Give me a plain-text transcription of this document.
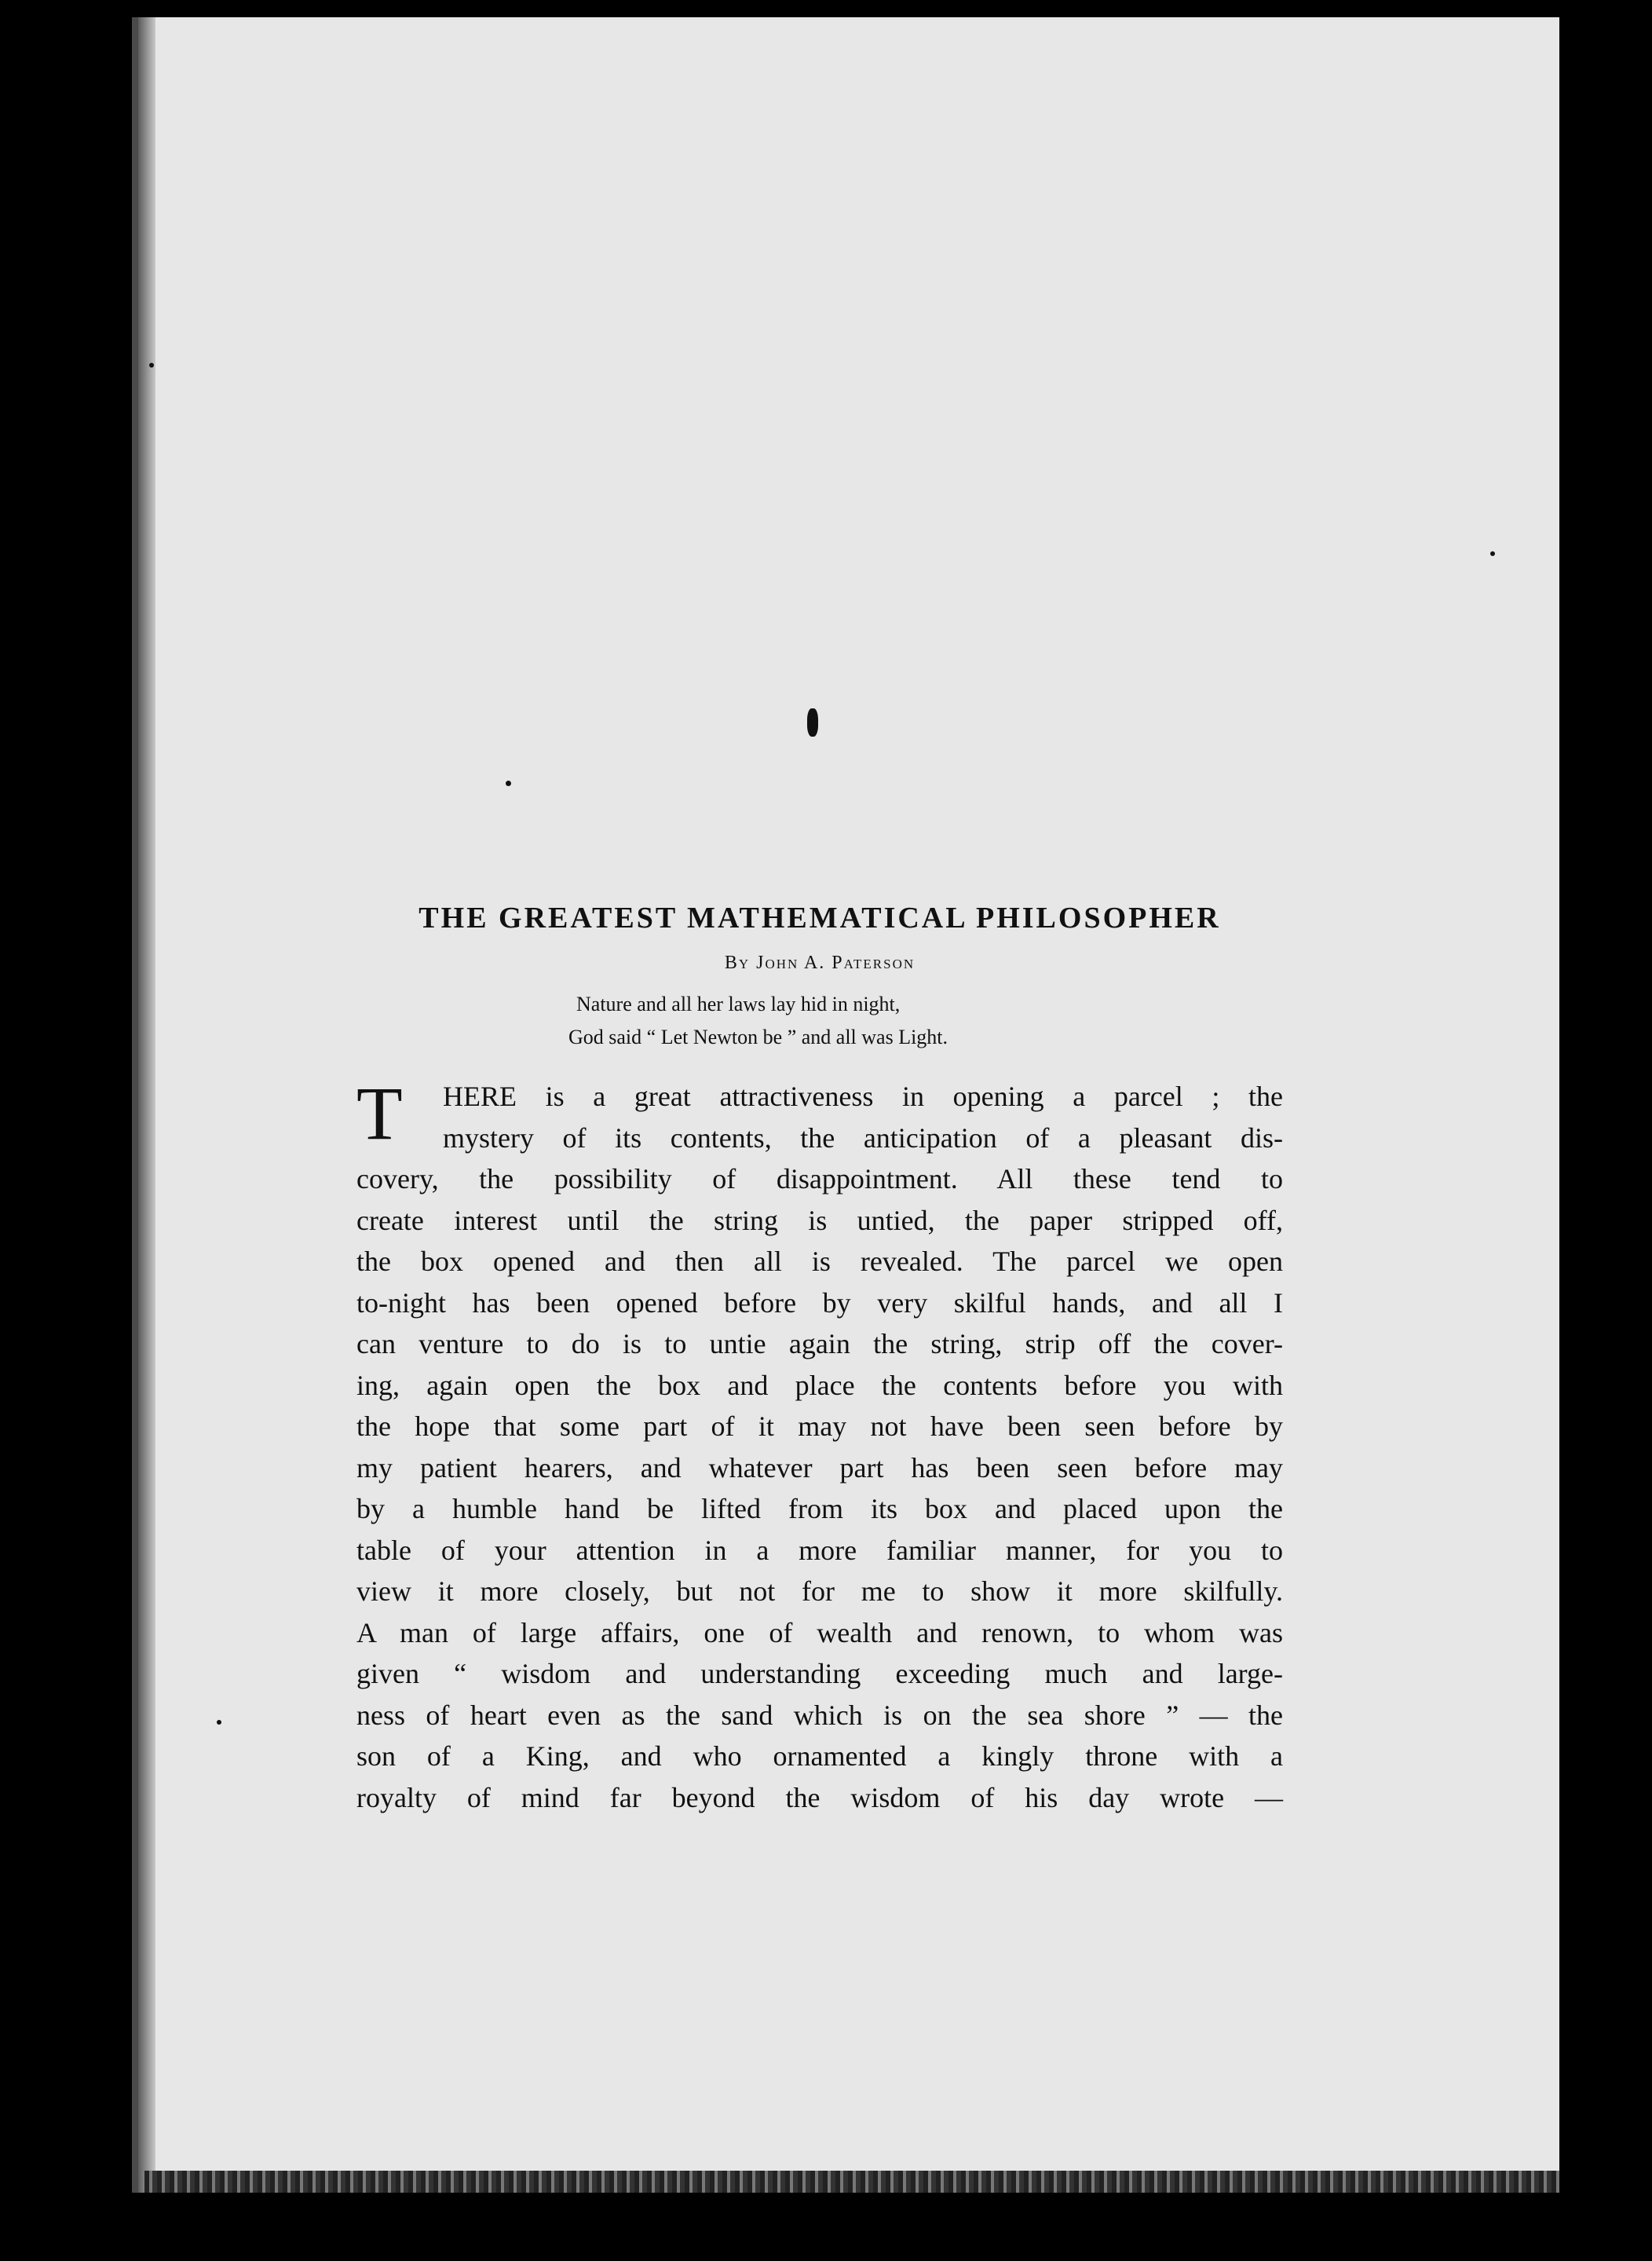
THE GREATEST MATHEMATICAL PHILOSOPHER
By John A. Paterson
Nature and all her laws lay hid in night,
God said “ Let Newton be ” and all was Light.
T	HERE is a great attractiveness in opening a parcel ; the
mystery of its contents, the anticipation of a pleasant dis-
covery, the possibility of disappointment. All these tend to
create interest until the string is untied, the paper stripped off,
the box opened and then all is revealed. The parcel we open
to-night has been opened before by very skilful hands, and all I
can venture to do is to untie again the string, strip off the cover-
ing, again open the box and place the contents before you with
the hope that some part of it may not have been seen before by
my patient hearers, and whatever part has been seen before may
by a humble hand be lifted from its box and placed upon the
table of your attention in a more familiar manner, for you to
view it more closely, but not for me to show it more skilfully.
A man of large affairs, one of wealth and renown, to whom was
given “ wisdom and understanding exceeding much and large-
ness of heart even as the sand which is on the sea shore ” — the
son of a King, and who ornamented a kingly throne with a
royalty of mind far beyond the wisdom of his day wrote —
